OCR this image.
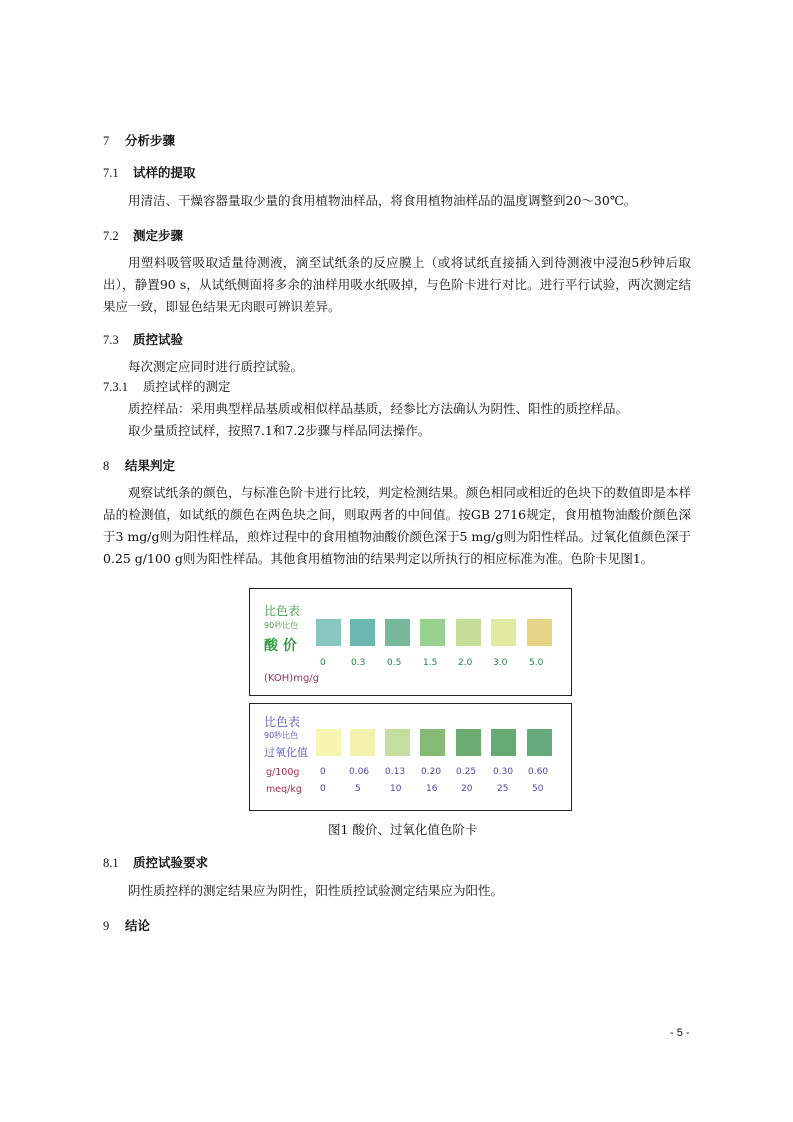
7 分析步骤
7.1 试样的提取
用清洁、干燥容器量取少量的食用植物油样品，将食用植物油样品的温度调整到20～30℃。
7.2 测定步骤
用塑料吸管吸取适量待测液，滴至试纸条的反应膜上（或将试纸直接插入到待测液中浸泡5秒钟后取出），静置90 s，从试纸侧面将多余的油样用吸水纸吸掉，与色阶卡进行对比。进行平行试验，两次测定结果应一致，即显色结果无肉眼可辨识差异。
7.3 质控试验
每次测定应同时进行质控试验。
7.3.1 质控试样的测定
质控样品：采用典型样品基质或相似样品基质，经参比方法确认为阴性、阳性的质控样品。
取少量质控试样，按照7.1和7.2步骤与样品同法操作。
8 结果判定
观察试纸条的颜色，与标准色阶卡进行比较，判定检测结果。颜色相同或相近的色块下的数值即是本样品的检测值，如试纸的颜色在两色块之间，则取两者的中间值。按GB 2716规定，食用植物油酸价颜色深于3 mg/g则为阳性样品，煎炸过程中的食用植物油酸价颜色深于5 mg/g则为阳性样品。过氧化值颜色深于0.25 g/100 g则为阳性样品。其他食用植物油的结果判定以所执行的相应标准为准。色阶卡见图1。
比色表
90秒比色
酸 价
0	0.3 0.5 1.5 2.0 3.0 5.0
(KOH)mg/g
比色表
90秒比色
过氧化值
g/100g
meq/kg
0	0.06 0.13 0.20 0.25 0.30 0.60
0	5	10	16	20	25	50
图1 酸价、过氧化值色阶卡
8.1 质控试验要求
阴性质控样的测定结果应为阴性，阳性质控试验测定结果应为阳性。
9 结论
- 5 -
